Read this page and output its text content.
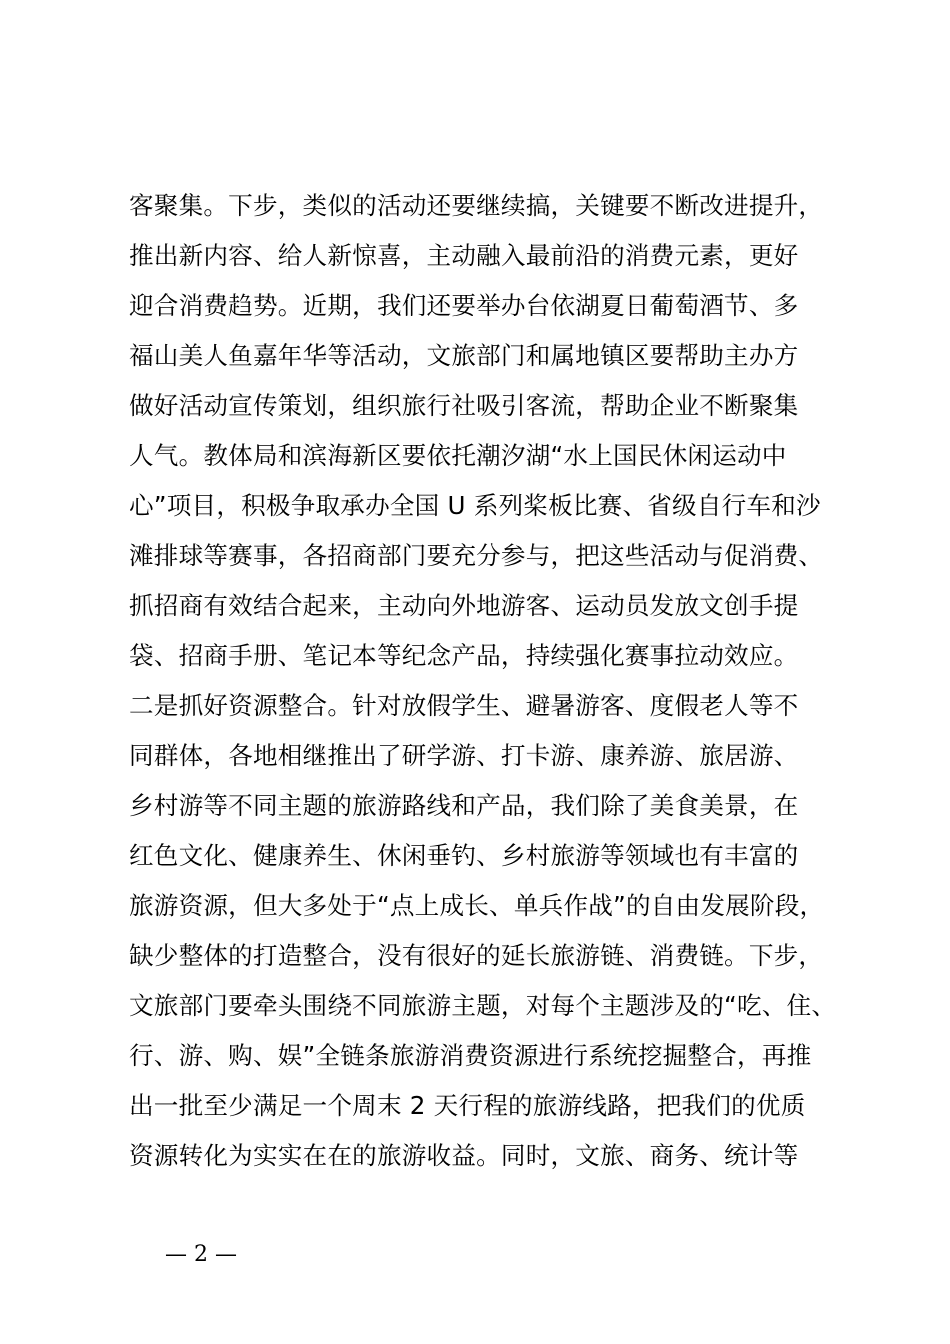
客聚集。下步，类似的活动还要继续搞，关键要不断改进提升，
推出新内容、给人新惊喜，主动融入最前沿的消费元素，更好
迎合消费趋势。近期，我们还要举办台依湖夏日葡萄酒节、多
福山美人鱼嘉年华等活动，文旅部门和属地镇区要帮助主办方
做好活动宣传策划，组织旅行社吸引客流，帮助企业不断聚集
人气。教体局和滨海新区要依托潮汐湖“水上国民休闲运动中
心”项目，积极争取承办全国 U 系列桨板比赛、省级自行车和沙
滩排球等赛事，各招商部门要充分参与，把这些活动与促消费、
抓招商有效结合起来，主动向外地游客、运动员发放文创手提
袋、招商手册、笔记本等纪念产品，持续强化赛事拉动效应。
二是抓好资源整合。针对放假学生、避暑游客、度假老人等不
同群体，各地相继推出了研学游、打卡游、康养游、旅居游、
乡村游等不同主题的旅游路线和产品，我们除了美食美景，在
红色文化、健康养生、休闲垂钓、乡村旅游等领域也有丰富的
旅游资源，但大多处于“点上成长、单兵作战”的自由发展阶段，
缺少整体的打造整合，没有很好的延长旅游链、消费链。下步，
文旅部门要牵头围绕不同旅游主题，对每个主题涉及的“吃、住、
行、游、购、娱”全链条旅游消费资源进行系统挖掘整合，再推
出一批至少满足一个周末 2 天行程的旅游线路，把我们的优质
资源转化为实实在在的旅游收益。同时，文旅、商务、统计等
— 2 —
